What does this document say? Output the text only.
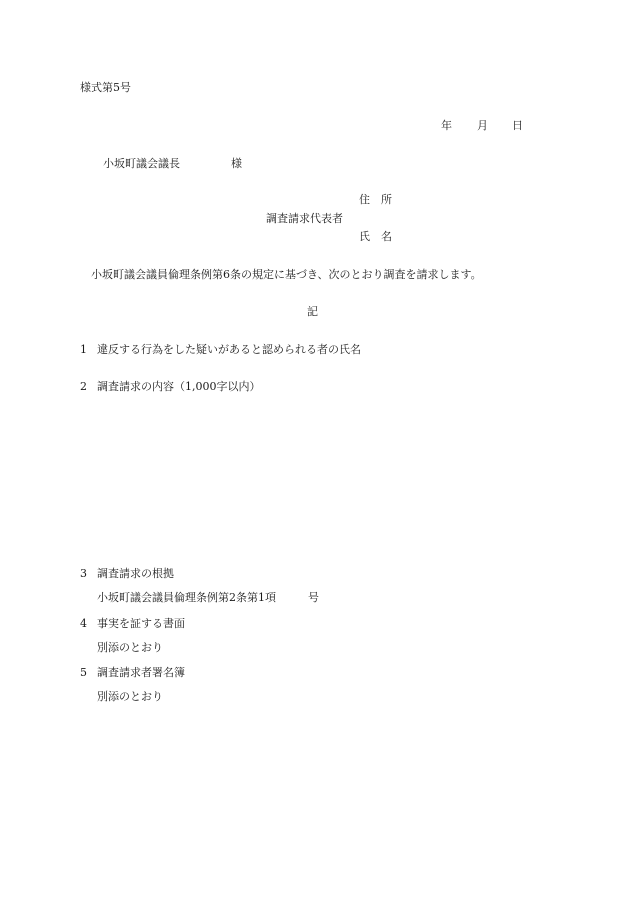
様式第5号
年 月 日
小坂町議会議長	様
住　所
調査請求代表者
氏　名
小坂町議会議員倫理条例第6条の規定に基づき、次のとおり調査を請求します。
記
1 違反する行為をした疑いがあると認められる者の氏名
2 調査請求の内容（1,000字以内）
3 調査請求の根拠
小坂町議会議員倫理条例第2条第1項	号
4 事実を証する書面
別添のとおり
5 調査請求者署名簿
別添のとおり
